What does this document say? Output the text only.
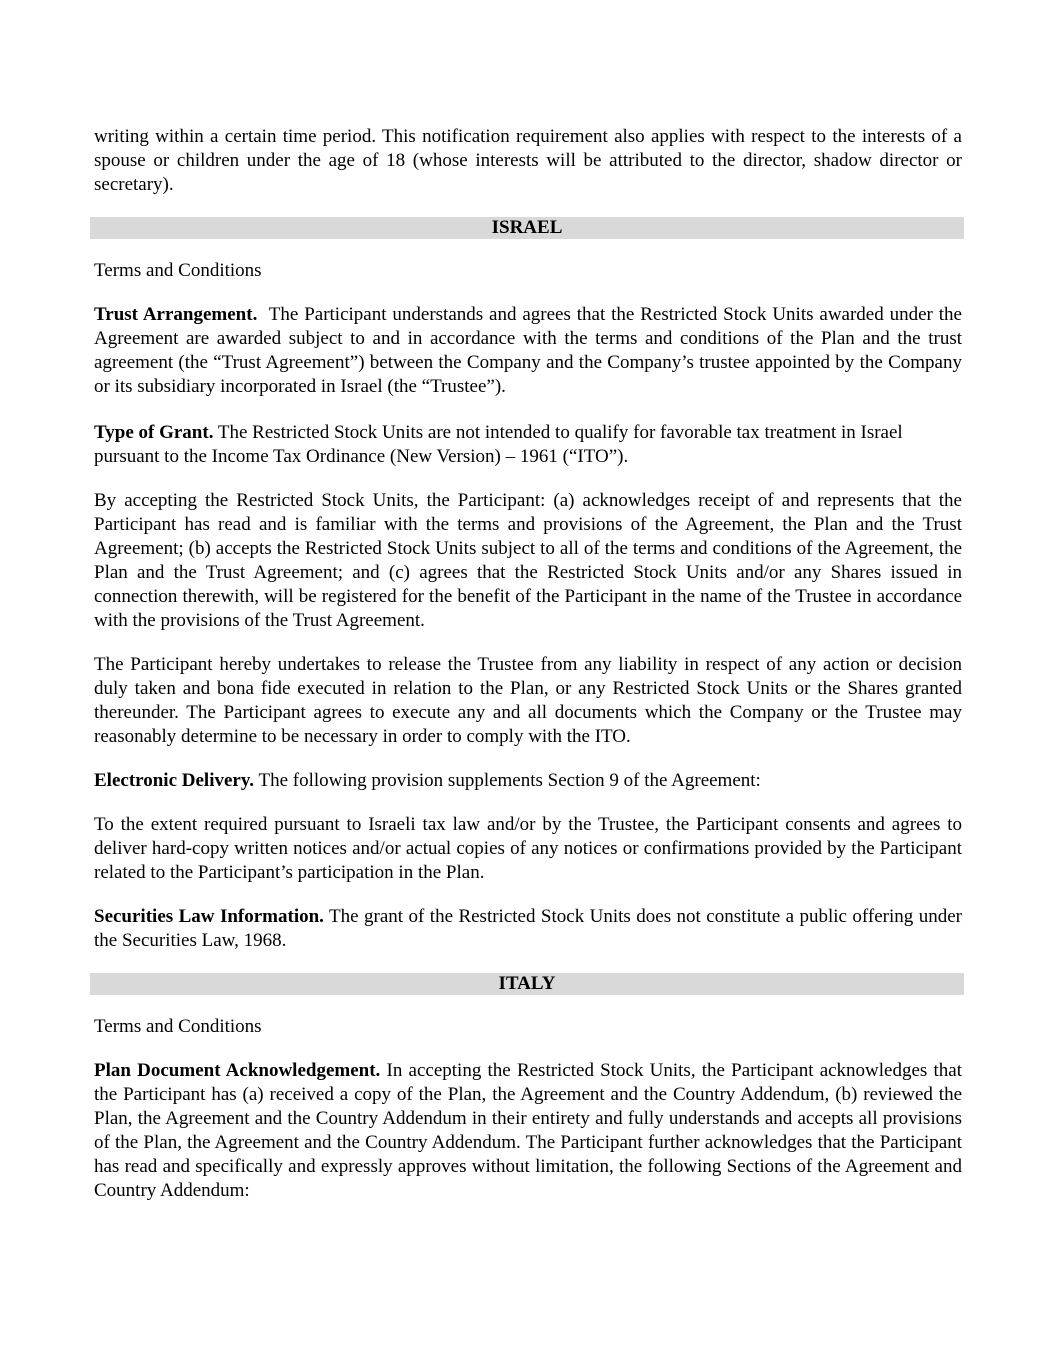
writing within a certain time period. This notification requirement also applies with respect to the interests of a spouse or children under the age of 18 (whose interests will be attributed to the director, shadow director or secretary).

ISRAEL

Terms and Conditions

Trust Arrangement. The Participant understands and agrees that the Restricted Stock Units awarded under the Agreement are awarded subject to and in accordance with the terms and conditions of the Plan and the trust agreement (the “Trust Agreement”) between the Company and the Company’s trustee appointed by the Company or its subsidiary incorporated in Israel (the “Trustee”).

Type of Grant. The Restricted Stock Units are not intended to qualify for favorable tax treatment in Israel pursuant to the Income Tax Ordinance (New Version) – 1961 (“ITO”).

By accepting the Restricted Stock Units, the Participant: (a) acknowledges receipt of and represents that the Participant has read and is familiar with the terms and provisions of the Agreement, the Plan and the Trust Agreement; (b) accepts the Restricted Stock Units subject to all of the terms and conditions of the Agreement, the Plan and the Trust Agreement; and (c) agrees that the Restricted Stock Units and/or any Shares issued in connection therewith, will be registered for the benefit of the Participant in the name of the Trustee in accordance with the provisions of the Trust Agreement.

The Participant hereby undertakes to release the Trustee from any liability in respect of any action or decision duly taken and bona fide executed in relation to the Plan, or any Restricted Stock Units or the Shares granted thereunder. The Participant agrees to execute any and all documents which the Company or the Trustee may reasonably determine to be necessary in order to comply with the ITO.

Electronic Delivery. The following provision supplements Section 9 of the Agreement:

To the extent required pursuant to Israeli tax law and/or by the Trustee, the Participant consents and agrees to deliver hard-copy written notices and/or actual copies of any notices or confirmations provided by the Participant related to the Participant’s participation in the Plan.

Securities Law Information. The grant of the Restricted Stock Units does not constitute a public offering under the Securities Law, 1968.

ITALY

Terms and Conditions

Plan Document Acknowledgement. In accepting the Restricted Stock Units, the Participant acknowledges that the Participant has (a) received a copy of the Plan, the Agreement and the Country Addendum, (b) reviewed the Plan, the Agreement and the Country Addendum in their entirety and fully understands and accepts all provisions of the Plan, the Agreement and the Country Addendum. The Participant further acknowledges that the Participant has read and specifically and expressly approves without limitation, the following Sections of the Agreement and Country Addendum:
